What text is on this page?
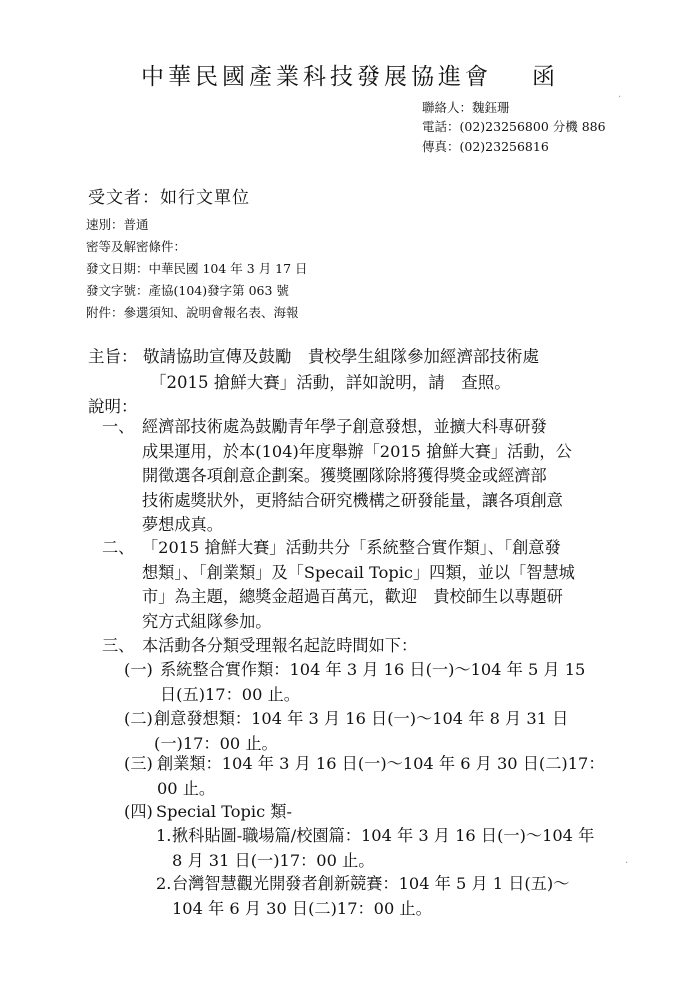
中華民國產業科技發展協進會 函
聯絡人：魏鈺珊
電話：(02)23256800 分機 886
傳真：(02)23256816
受文者：如行文單位
速別：普通
密等及解密條件：
發文日期：中華民國 104 年 3 月 17 日
發文字號：產協(104)發字第 063 號
附件：參選須知、說明會報名表、海報
主旨： 敬請協助宣傳及鼓勵　貴校學生組隊參加經濟部技術處
「2015 搶鮮大賽」活動，詳如說明，請　查照。
說明：
一、 經濟部技術處為鼓勵青年學子創意發想，並擴大科專研發
成果運用，於本(104)年度舉辦「2015 搶鮮大賽」活動，公
開徵選各項創意企劃案。獲獎團隊除將獲得獎金或經濟部
技術處獎狀外，更將結合研究機構之研發能量，讓各項創意
夢想成真。
二、 「2015 搶鮮大賽」活動共分「系統整合實作類」、「創意發
想類」、「創業類」及「Specail Topic」四類，並以「智慧城
市」為主題，總獎金超過百萬元，歡迎　貴校師生以專題研
究方式組隊參加。
三、 本活動各分類受理報名起訖時間如下：
(一) 系統整合實作類：104 年 3 月 16 日(一)～104 年 5 月 15
日(五)17：00 止。
(二) 創意發想類：104 年 3 月 16 日(一)～104 年 8 月 31 日
(一)17：00 止。
(三) 創業類：104 年 3 月 16 日(一)～104 年 6 月 30 日(二)17：
00 止。
(四) Special Topic 類-
1. 揪科貼圖-職場篇/校園篇：104 年 3 月 16 日(一)～104 年
8 月 31 日(一)17：00 止。
2. 台灣智慧觀光開發者創新競賽：104 年 5 月 1 日(五)～
104 年 6 月 30 日(二)17：00 止。
·
·
